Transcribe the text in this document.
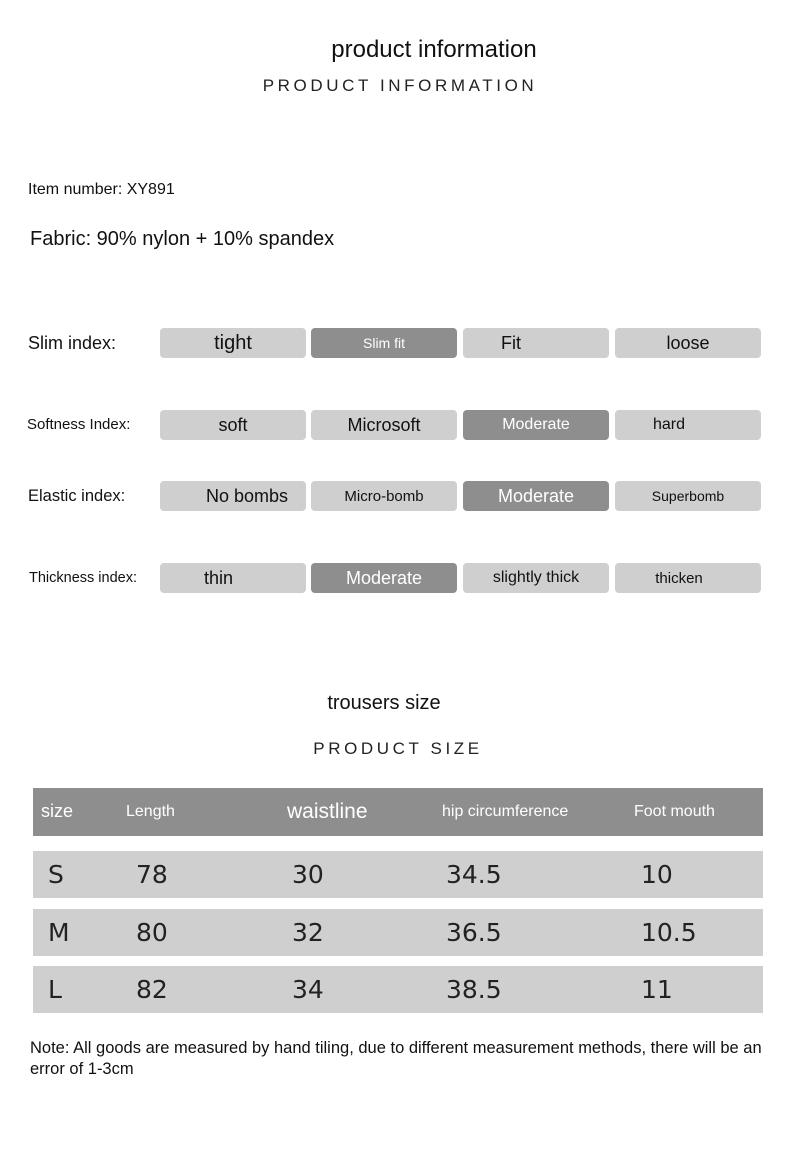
product information
PRODUCT INFORMATION
Item number: XY891
Fabric: 90% nylon + 10% spandex
Slim index:	tight	Slim fit	Fit	loose
Softness Index:	soft	Microsoft	Moderate	hard
Elastic index:	No bombs	Micro-bomb	Moderate	Superbomb
Thickness index:	thin	Moderate	slightly thick	thicken
trousers size
PRODUCT SIZE
size	Length	waistline	hip circumference	Foot mouth
S	78	30	34.5	10
M	80	32	36.5	10.5
L	82	34	38.5	11
Note: All goods are measured by hand tiling, due to different measurement methods, there will be an error of 1-3cm
